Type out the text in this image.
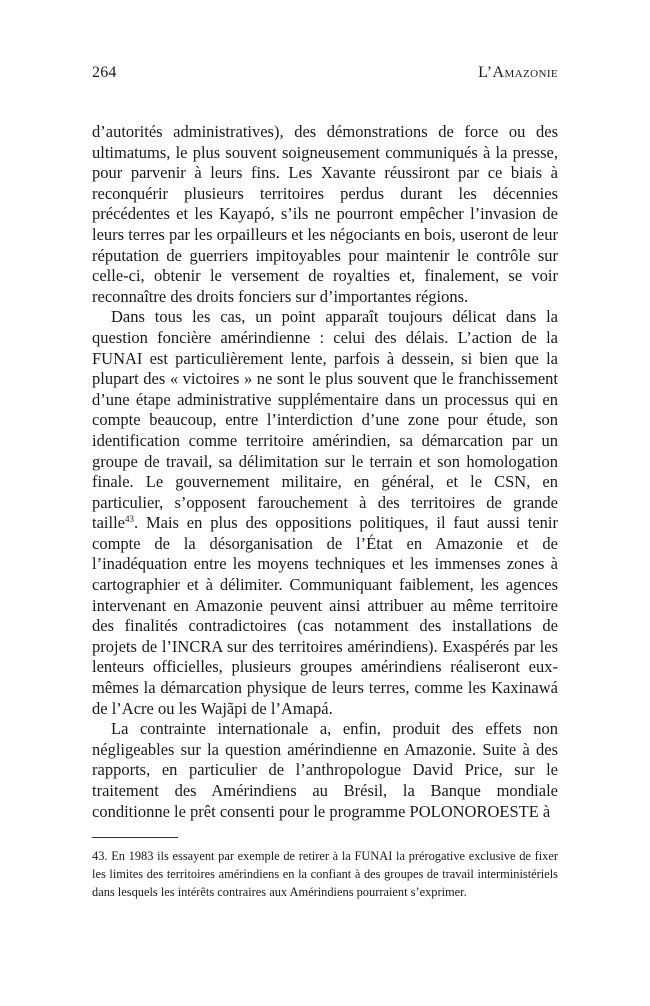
264	L’Amazonie

d’autorités administratives), des démonstrations de force ou des ultimatums, le plus souvent soigneusement communiqués à la presse, pour parvenir à leurs fins. Les Xavante réussiront par ce biais à reconquérir plusieurs territoires perdus durant les décennies précédentes et les Kayapó, s’ils ne pourront empêcher l’invasion de leurs terres par les orpailleurs et les négociants en bois, useront de leur réputation de guerriers impitoyables pour maintenir le contrôle sur celle-ci, obtenir le versement de royalties et, finalement, se voir reconnaître des droits fonciers sur d’importantes régions.

Dans tous les cas, un point apparaît toujours délicat dans la question foncière amérindienne : celui des délais. L’action de la FUNAI est particulièrement lente, parfois à dessein, si bien que la plupart des « victoires » ne sont le plus souvent que le franchissement d’une étape administrative supplémentaire dans un processus qui en compte beaucoup, entre l’interdiction d’une zone pour étude, son identification comme territoire amérindien, sa démarcation par un groupe de travail, sa délimitation sur le terrain et son homologation finale. Le gouvernement militaire, en général, et le CSN, en particulier, s’opposent farouchement à des territoires de grande taille$^{43}$. Mais en plus des oppositions politiques, il faut aussi tenir compte de la désorganisation de l’État en Amazonie et de l’inadéquation entre les moyens techniques et les immenses zones à cartographier et à délimiter. Communiquant faiblement, les agences intervenant en Amazonie peuvent ainsi attribuer au même territoire des finalités contradictoires (cas notamment des installations de projets de l’INCRA sur des territoires amérindiens). Exaspérés par les lenteurs officielles, plusieurs groupes amérindiens réaliseront eux-mêmes la démarcation physique de leurs terres, comme les Kaxinawá de l’Acre ou les Wajãpi de l’Amapá.

La contrainte internationale a, enfin, produit des effets non négligeables sur la question amérindienne en Amazonie. Suite à des rapports, en particulier de l’anthropologue David Price, sur le traitement des Amérindiens au Brésil, la Banque mondiale conditionne le prêt consenti pour le programme POLONOROESTE à

43. En 1983 ils essayent par exemple de retirer à la FUNAI la prérogative exclusive de fixer les limites des territoires amérindiens en la confiant à des groupes de travail interministériels dans lesquels les intérêts contraires aux Amérindiens pourraient s’exprimer.
